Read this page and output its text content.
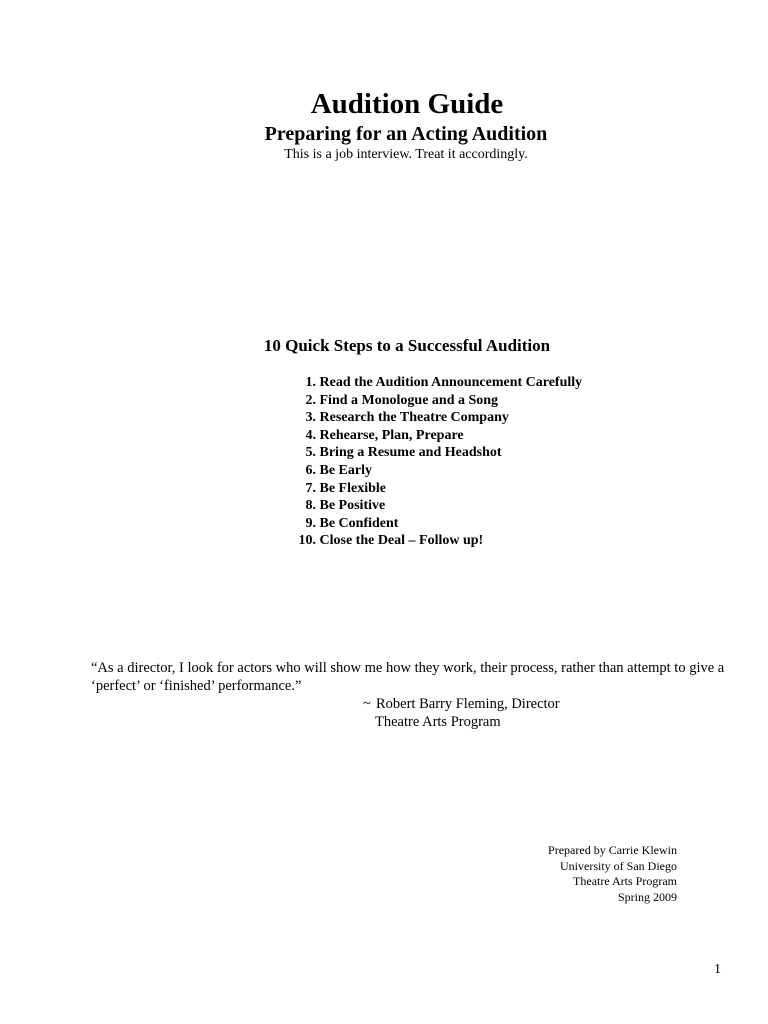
Audition Guide
Preparing for an Acting Audition
This is a job interview. Treat it accordingly.
10 Quick Steps to a Successful Audition
1. Read the Audition Announcement Carefully
2. Find a Monologue and a Song
3. Research the Theatre Company
4. Rehearse, Plan, Prepare
5. Bring a Resume and Headshot
6. Be Early
7. Be Flexible
8. Be Positive
9. Be Confident
10. Close the Deal – Follow up!
“As a director, I look for actors who will show me how they work, their process, rather than attempt to give a ‘perfect’ or ‘finished’ performance.”
~ Robert Barry Fleming, Director
Theatre Arts Program
Prepared by Carrie Klewin
University of San Diego
Theatre Arts Program
Spring 2009
1
